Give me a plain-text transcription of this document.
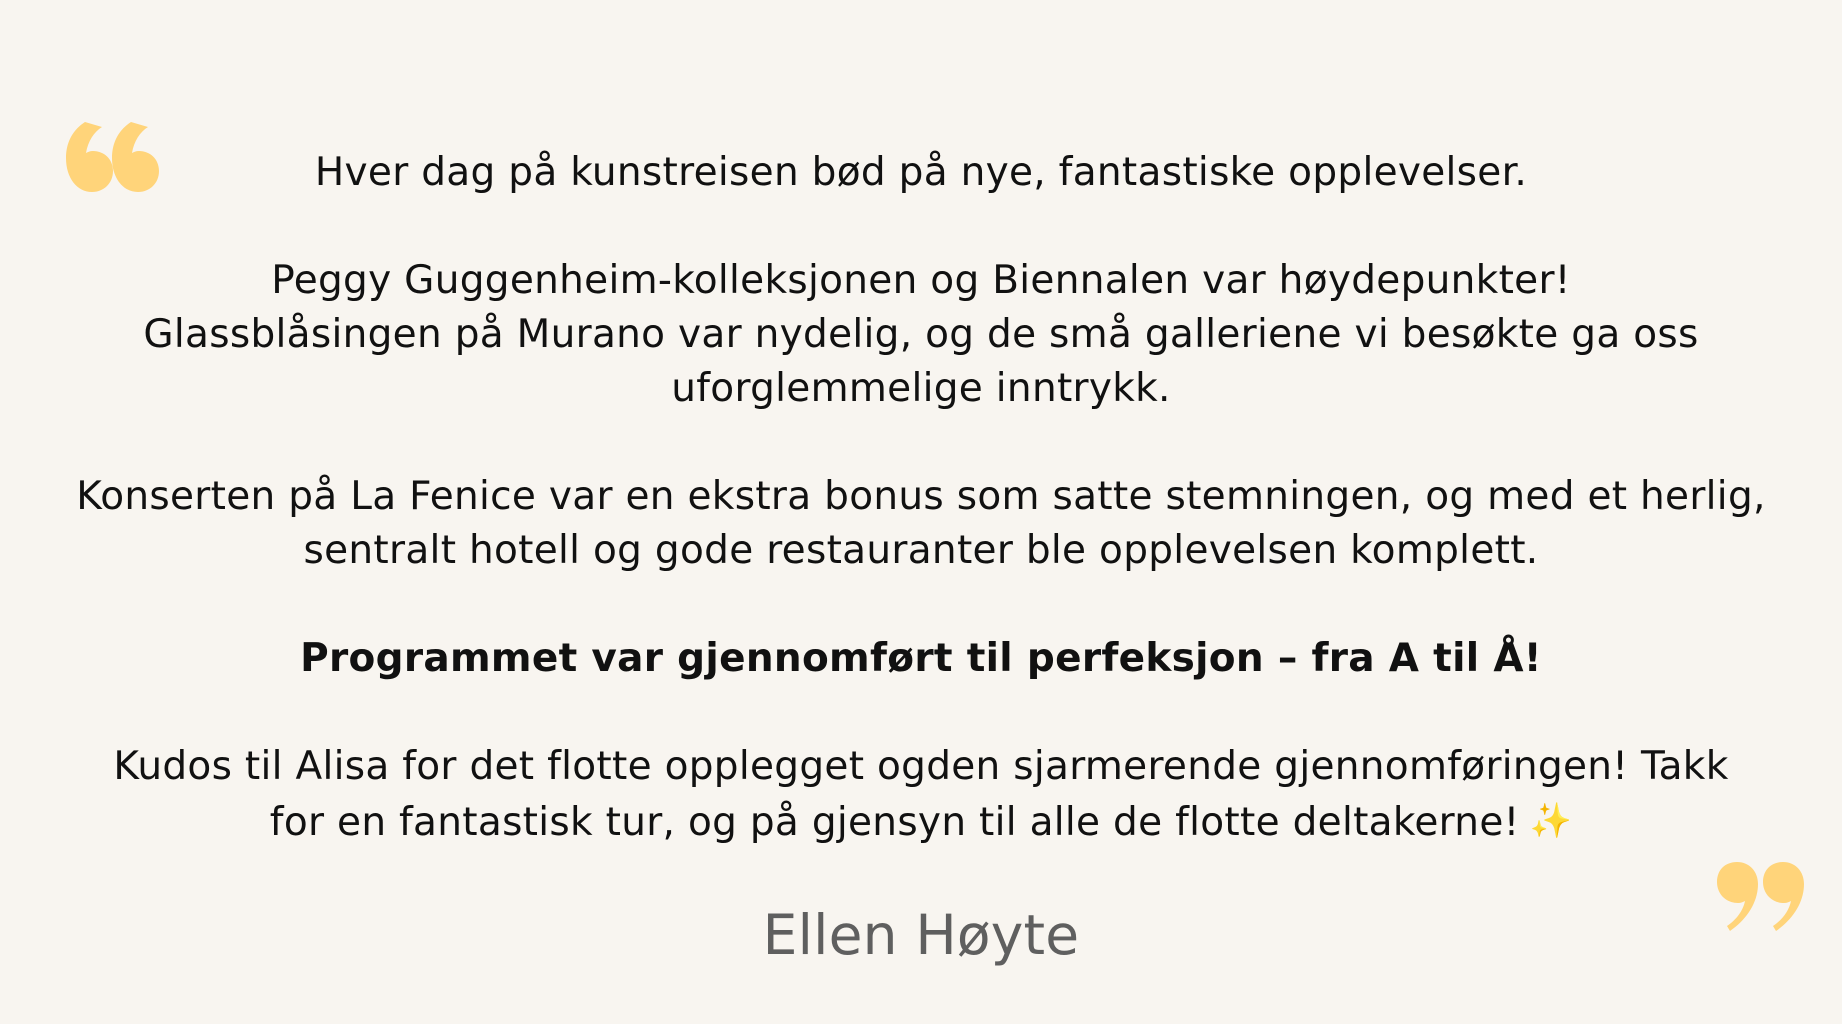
Hver dag på kunstreisen bød på nye, fantastiske opplevelser.
Peggy Guggenheim-kolleksjonen og Biennalen var høydepunkter!
Glassblåsingen på Murano var nydelig, og de små galleriene vi besøkte ga oss
uforglemmelige inntrykk.
Konserten på La Fenice var en ekstra bonus som satte stemningen, og med et herlig,
sentralt hotell og gode restauranter ble opplevelsen komplett.
Programmet var gjennomført til perfeksjon – fra A til Å!
Kudos til Alisa for det flotte opplegget ogden sjarmerende gjennomføringen! Takk
for en fantastisk tur, og på gjensyn til alle de flotte deltakerne! ✨
Ellen Høyte
